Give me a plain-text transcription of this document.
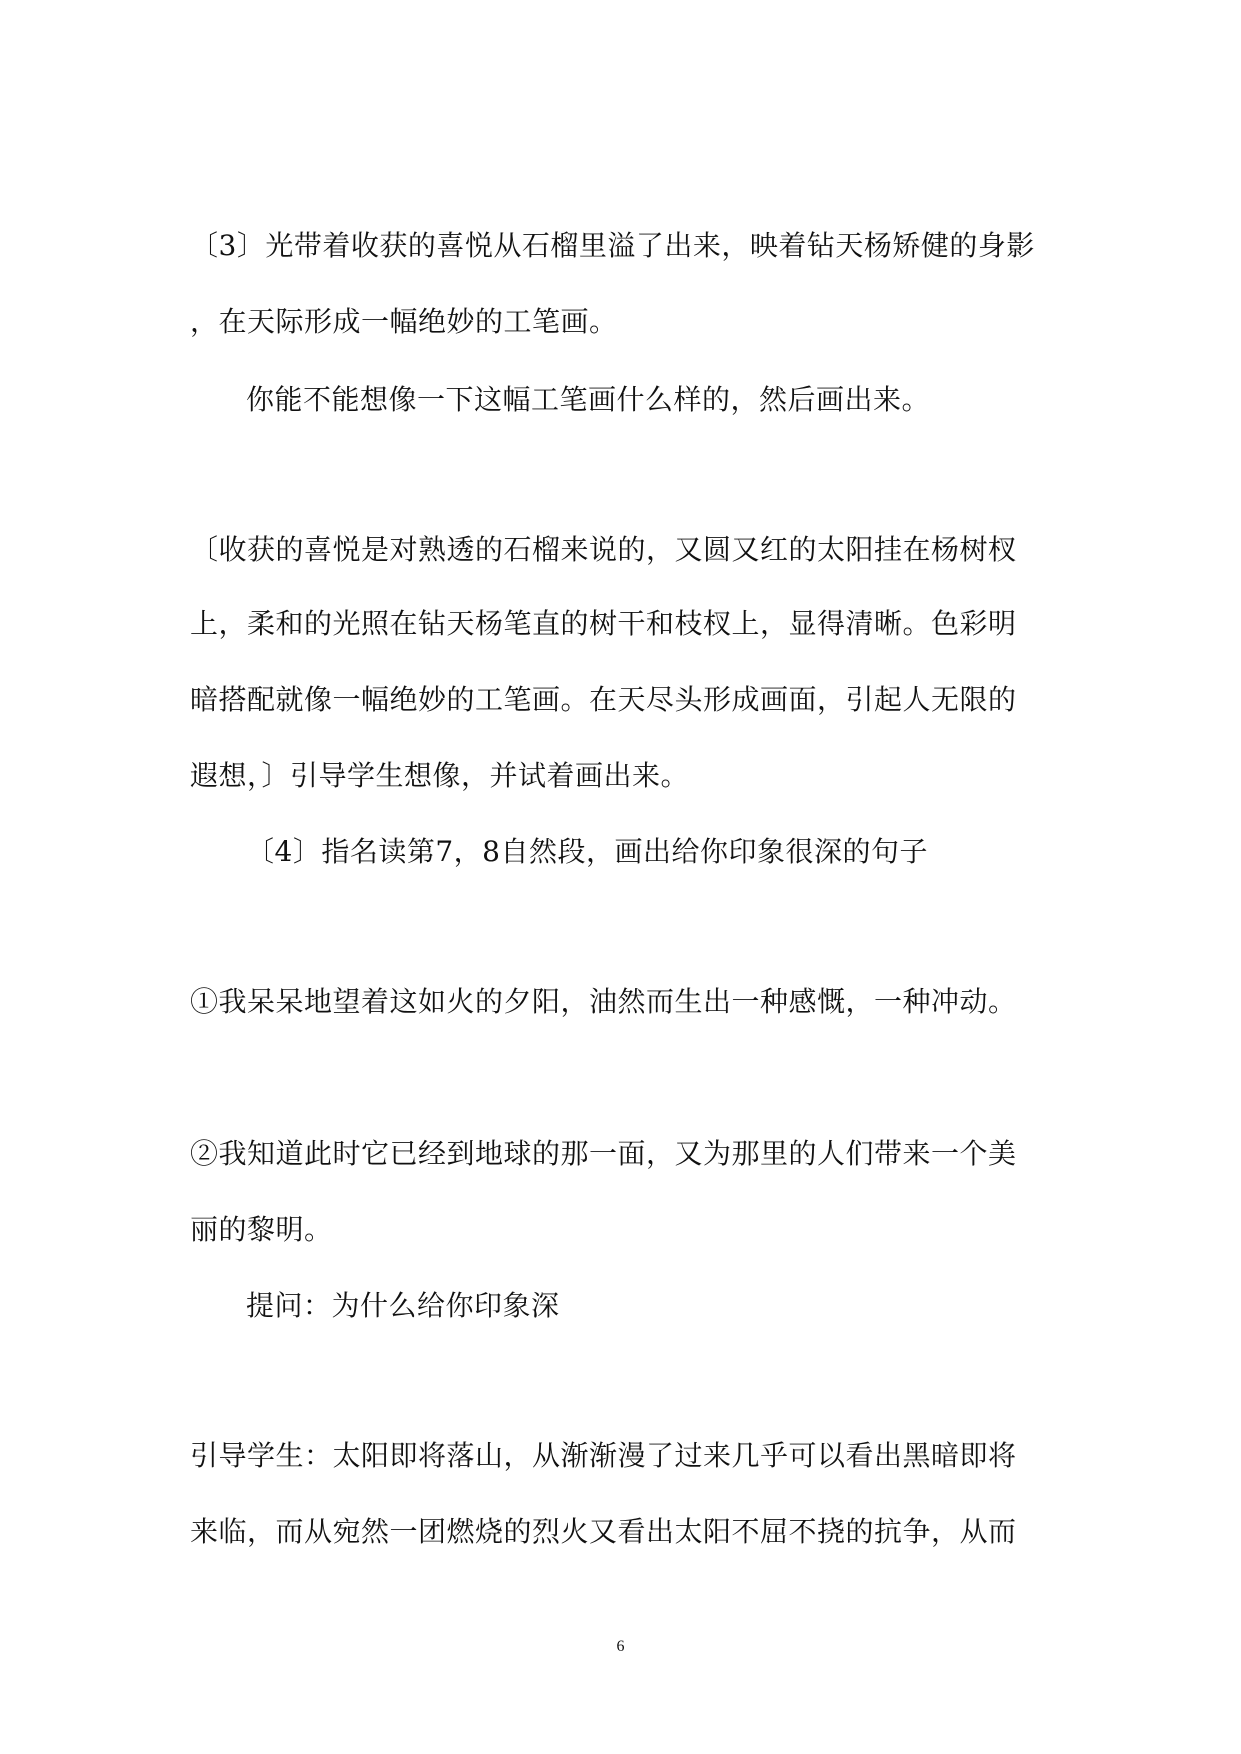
〔3〕光带着收获的喜悦从石榴里溢了出来，映着钻天杨矫健的身影
，在天际形成一幅绝妙的工笔画。
你能不能想像一下这幅工笔画什么样的，然后画出来。
〔收获的喜悦是对熟透的石榴来说的，又圆又红的太阳挂在杨树杈
上，柔和的光照在钻天杨笔直的树干和枝杈上，显得清晰。色彩明
暗搭配就像一幅绝妙的工笔画。在天尽头形成画面，引起人无限的
遐想，〕引导学生想像，并试着画出来。
〔4〕指名读第7，8自然段，画出给你印象很深的句子
①我呆呆地望着这如火的夕阳，油然而生出一种感慨，一种冲动。
②我知道此时它已经到地球的那一面，又为那里的人们带来一个美
丽的黎明。
提问：为什么给你印象深
引导学生：太阳即将落山，从渐渐漫了过来几乎可以看出黑暗即将
来临，而从宛然一团燃烧的烈火又看出太阳不屈不挠的抗争，从而
6
